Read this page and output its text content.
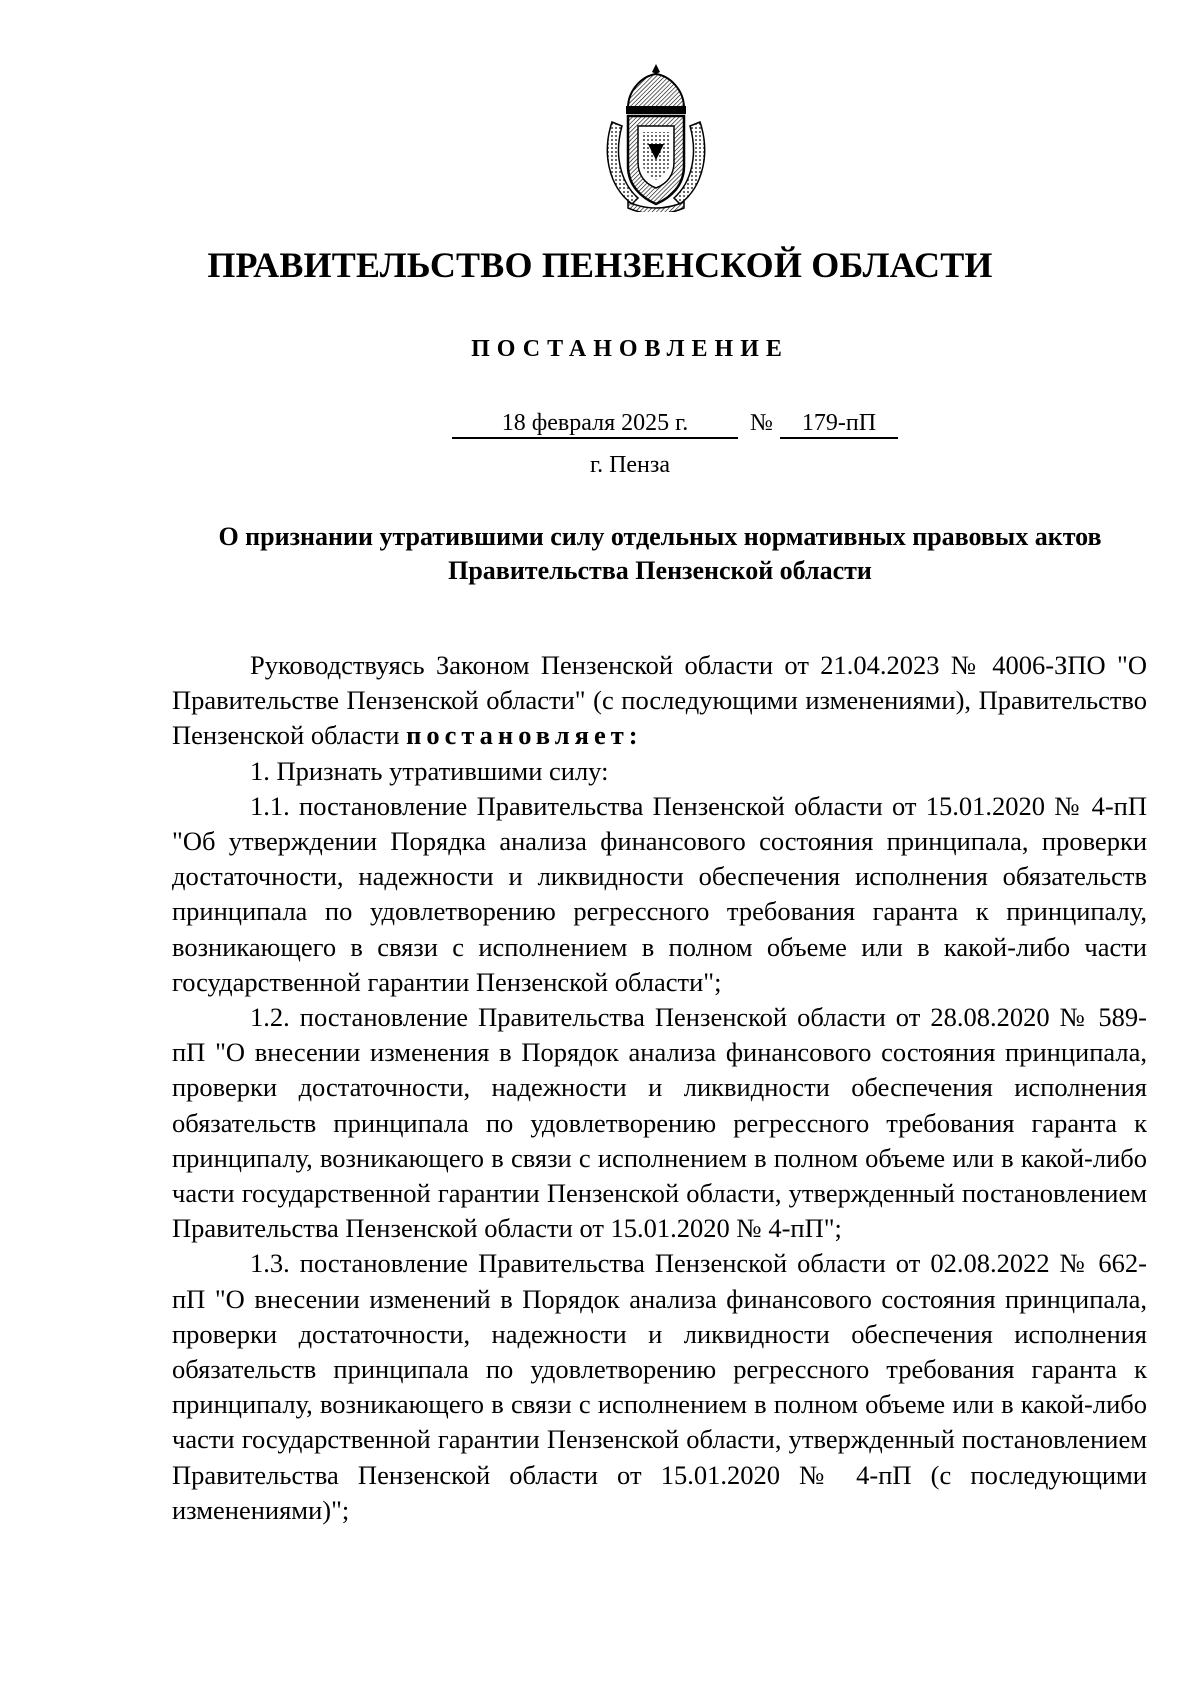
ПРАВИТЕЛЬСТВО ПЕНЗЕНСКОЙ ОБЛАСТИ
ПОСТАНОВЛЕНИЕ
18 февраля 2025 г.	№	179-пП
г. Пенза
О признании утратившими силу отдельных нормативных правовых актов
Правительства Пензенской области

Руководствуясь Законом Пензенской области от 21.04.2023 № 4006-ЗПО "О Правительстве Пензенской области" (с последующими изменениями), Правительство Пензенской области постановляет:

1. Признать утратившими силу:

1.1. постановление Правительства Пензенской области от 15.01.2020 № 4-пП "Об утверждении Порядка анализа финансового состояния принципала, проверки достаточности, надежности и ликвидности обеспечения исполнения обязательств принципала по удовлетворению регрессного требования гаранта к принципалу, возникающего в связи с исполнением в полном объеме или в какой-либо части государственной гарантии Пензенской области";

1.2. постановление Правительства Пензенской области от 28.08.2020 № 589-пП "О внесении изменения в Порядок анализа финансового состояния принципала, проверки достаточности, надежности и ликвидности обеспечения исполнения обязательств принципала по удовлетворению регрессного требования гаранта к принципалу, возникающего в связи с исполнением в полном объеме или в какой-либо части государственной гарантии Пензенской области, утвержденный постановлением Правительства Пензенской области от 15.01.2020 № 4-пП";

1.3. постановление Правительства Пензенской области от 02.08.2022 № 662-пП "О внесении изменений в Порядок анализа финансового состояния принципала, проверки достаточности, надежности и ликвидности обеспечения исполнения обязательств принципала по удовлетворению регрессного требования гаранта к принципалу, возникающего в связи с исполнением в полном объеме или в какой-либо части государственной гарантии Пензенской области, утвержденный постановлением Правительства Пензенской области от 15.01.2020 № 4-пП (с последующими изменениями)";
